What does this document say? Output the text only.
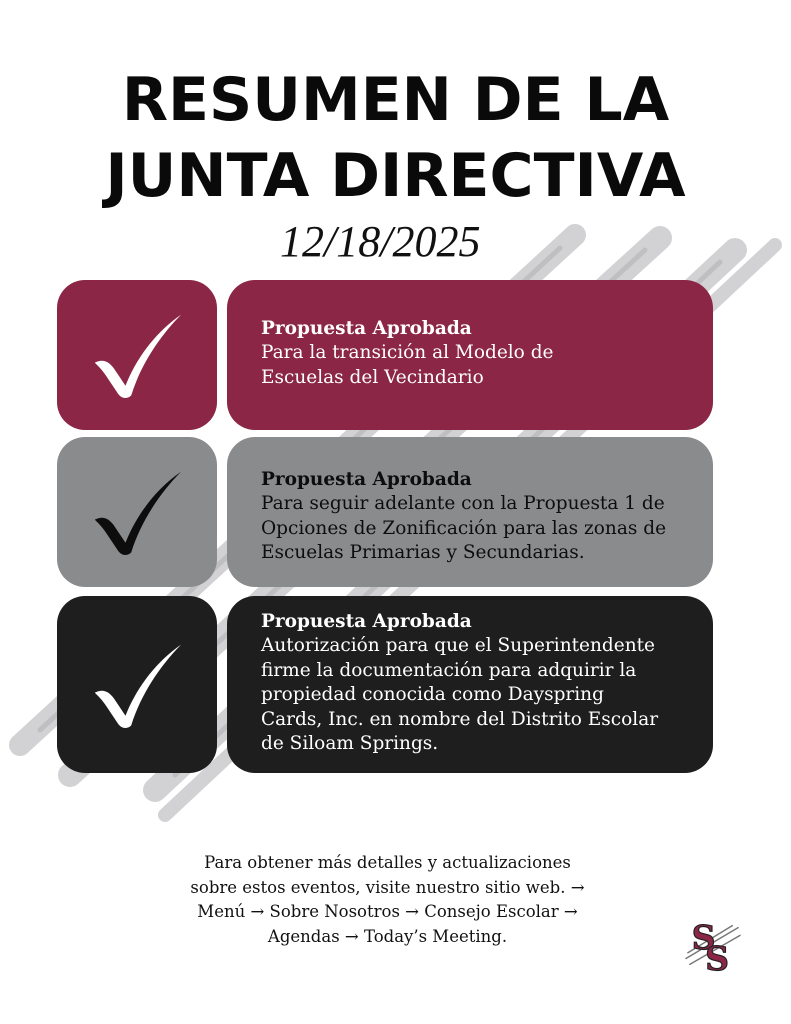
RESUMEN DE LA
JUNTA DIRECTIVA
12/18/2025
Propuesta Aprobada
Para la transición al Modelo de
Escuelas del Vecindario
Propuesta Aprobada
Para seguir adelante con la Propuesta 1 de
Opciones de Zonificación para las zonas de
Escuelas Primarias y Secundarias.
Propuesta Aprobada
Autorización para que el Superintendente
firme la documentación para adquirir la
propiedad conocida como Dayspring
Cards, Inc. en nombre del Distrito Escolar
de Siloam Springs.
Para obtener más detalles y actualizaciones
sobre estos eventos, visite nuestro sitio web. →
Menú → Sobre Nosotros → Consejo Escolar →
Agendas → Today’s Meeting.	S
S
